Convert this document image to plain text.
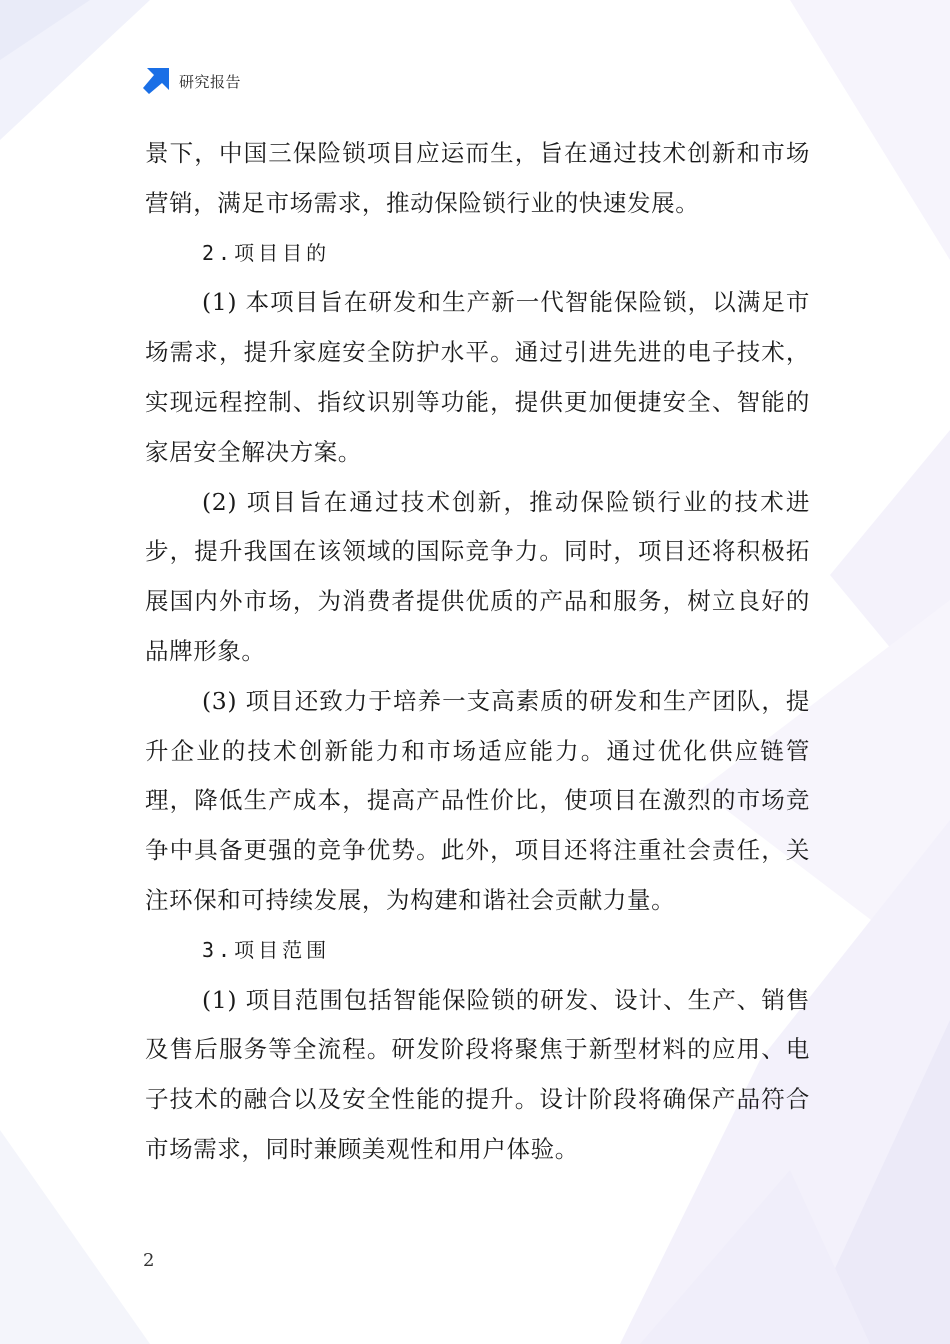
研究报告

景下，中国三保险锁项目应运而生，旨在通过技术创新和市场营销，满足市场需求，推动保险锁行业的快速发展。

2.项目目的

(1) 本项目旨在研发和生产新一代智能保险锁，以满足市场需求，提升家庭安全防护水平。通过引进先进的电子技术，实现远程控制、指纹识别等功能，提供更加便捷安全、智能的家居安全解决方案。

(2) 项目旨在通过技术创新，推动保险锁行业的技术进步，提升我国在该领域的国际竞争力。同时，项目还将积极拓展国内外市场，为消费者提供优质的产品和服务，树立良好的品牌形象。

(3) 项目还致力于培养一支高素质的研发和生产团队，提升企业的技术创新能力和市场适应能力。通过优化供应链管理，降低生产成本，提高产品性价比，使项目在激烈的市场竞争中具备更强的竞争优势。此外，项目还将注重社会责任，关注环保和可持续发展，为构建和谐社会贡献力量。

3.项目范围

(1) 项目范围包括智能保险锁的研发、设计、生产、销售及售后服务等全流程。研发阶段将聚焦于新型材料的应用、电子技术的融合以及安全性能的提升。设计阶段将确保产品符合市场需求，同时兼顾美观性和用户体验。

2
